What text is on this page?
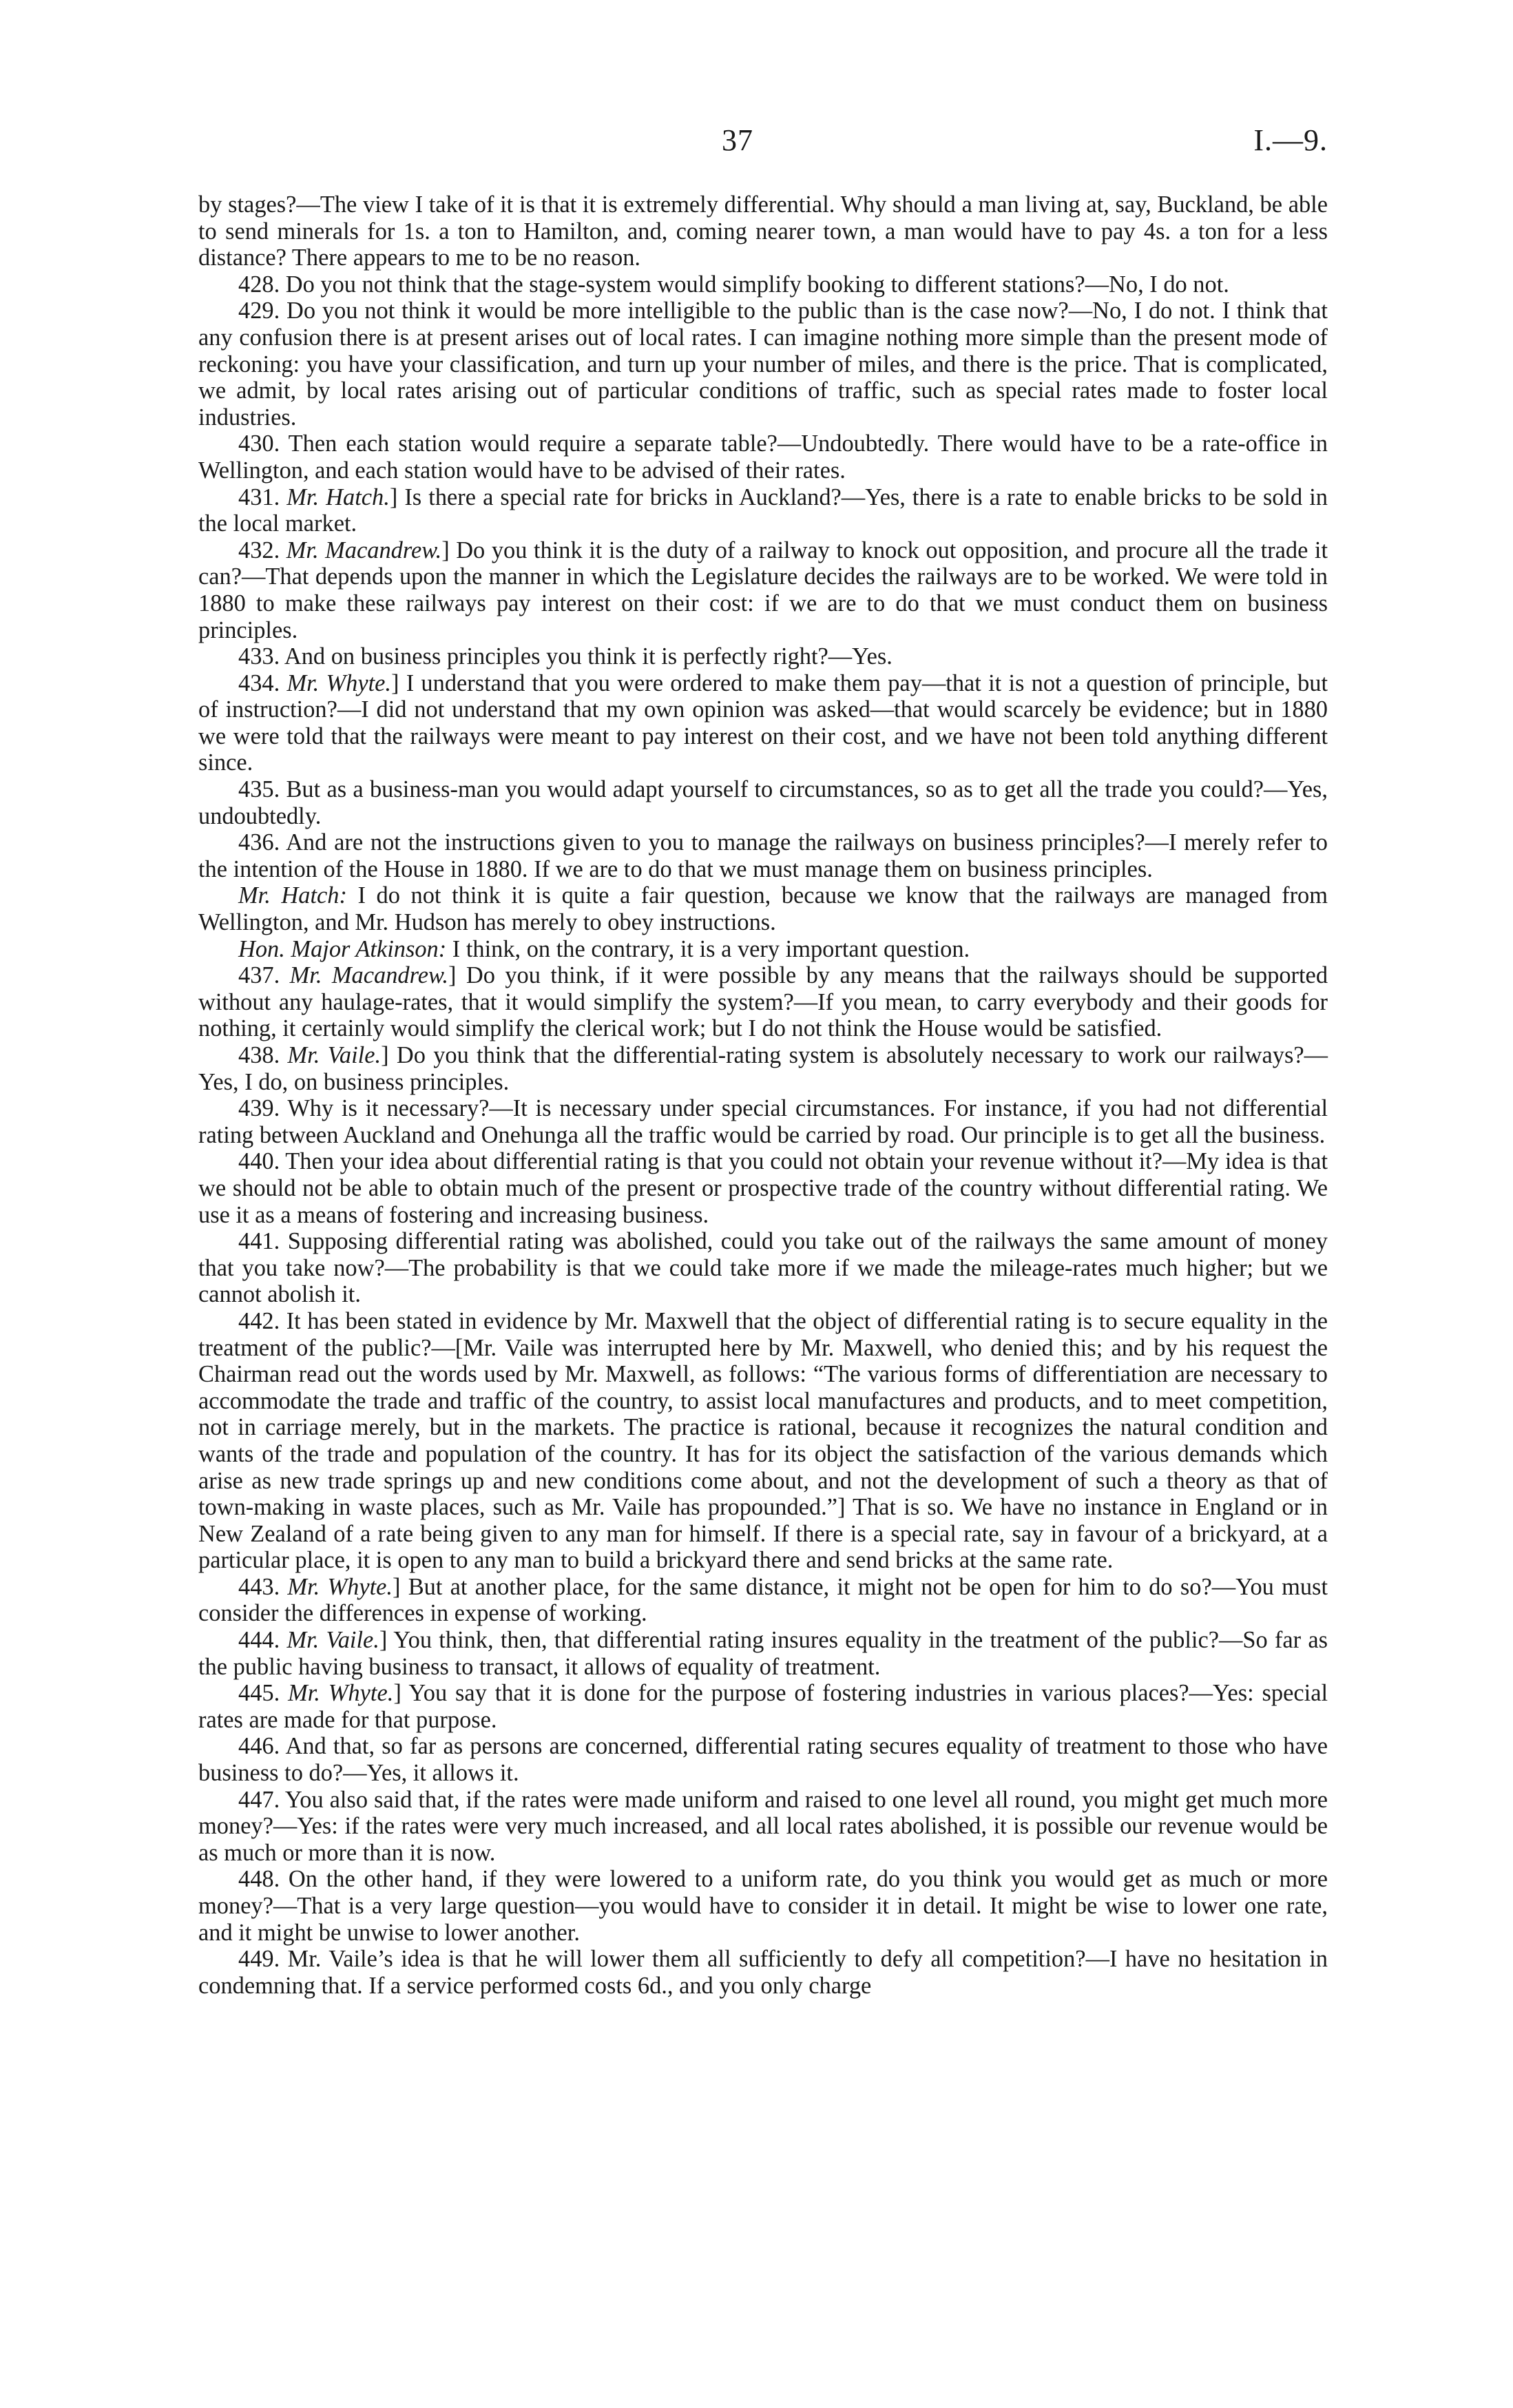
37	I.—9.

by stages?—The view I take of it is that it is extremely differential. Why should a man living at, say, Buckland, be able to send minerals for 1s. a ton to Hamilton, and, coming nearer town, a man would have to pay 4s. a ton for a less distance? There appears to me to be no reason.

428. Do you not think that the stage-system would simplify booking to different stations?—No, I do not.

429. Do you not think it would be more intelligible to the public than is the case now?—No, I do not. I think that any confusion there is at present arises out of local rates. I can imagine nothing more simple than the present mode of reckoning: you have your classification, and turn up your number of miles, and there is the price. That is complicated, we admit, by local rates arising out of particular conditions of traffic, such as special rates made to foster local industries.

430. Then each station would require a separate table?—Undoubtedly. There would have to be a rate-office in Wellington, and each station would have to be advised of their rates.

431. Mr. Hatch.] Is there a special rate for bricks in Auckland?—Yes, there is a rate to enable bricks to be sold in the local market.

432. Mr. Macandrew.] Do you think it is the duty of a railway to knock out opposition, and procure all the trade it can?—That depends upon the manner in which the Legislature decides the railways are to be worked. We were told in 1880 to make these railways pay interest on their cost: if we are to do that we must conduct them on business principles.

433. And on business principles you think it is perfectly right?—Yes.

434. Mr. Whyte.] I understand that you were ordered to make them pay—that it is not a question of principle, but of instruction?—I did not understand that my own opinion was asked—that would scarcely be evidence; but in 1880 we were told that the railways were meant to pay interest on their cost, and we have not been told anything different since.

435. But as a business-man you would adapt yourself to circumstances, so as to get all the trade you could?—Yes, undoubtedly.

436. And are not the instructions given to you to manage the railways on business principles?—I merely refer to the intention of the House in 1880. If we are to do that we must manage them on business principles.

Mr. Hatch: I do not think it is quite a fair question, because we know that the railways are managed from Wellington, and Mr. Hudson has merely to obey instructions.

Hon. Major Atkinson: I think, on the contrary, it is a very important question.

437. Mr. Macandrew.] Do you think, if it were possible by any means that the railways should be supported without any haulage-rates, that it would simplify the system?—If you mean, to carry everybody and their goods for nothing, it certainly would simplify the clerical work; but I do not think the House would be satisfied.

438. Mr. Vaile.] Do you think that the differential-rating system is absolutely necessary to work our railways?—Yes, I do, on business principles.

439. Why is it necessary?—It is necessary under special circumstances. For instance, if you had not differential rating between Auckland and Onehunga all the traffic would be carried by road. Our principle is to get all the business.

440. Then your idea about differential rating is that you could not obtain your revenue without it?—My idea is that we should not be able to obtain much of the present or prospective trade of the country without differential rating. We use it as a means of fostering and increasing business.

441. Supposing differential rating was abolished, could you take out of the railways the same amount of money that you take now?—The probability is that we could take more if we made the mileage-rates much higher; but we cannot abolish it.

442. It has been stated in evidence by Mr. Maxwell that the object of differential rating is to secure equality in the treatment of the public?—[Mr. Vaile was interrupted here by Mr. Maxwell, who denied this; and by his request the Chairman read out the words used by Mr. Maxwell, as follows: “The various forms of differentiation are necessary to accommodate the trade and traffic of the country, to assist local manufactures and products, and to meet competition, not in carriage merely, but in the markets. The practice is rational, because it recognizes the natural condition and wants of the trade and population of the country. It has for its object the satisfaction of the various demands which arise as new trade springs up and new conditions come about, and not the development of such a theory as that of town-making in waste places, such as Mr. Vaile has propounded.”] That is so. We have no instance in England or in New Zealand of a rate being given to any man for himself. If there is a special rate, say in favour of a brickyard, at a particular place, it is open to any man to build a brickyard there and send bricks at the same rate.

443. Mr. Whyte.] But at another place, for the same distance, it might not be open for him to do so?—You must consider the differences in expense of working.

444. Mr. Vaile.] You think, then, that differential rating insures equality in the treatment of the public?—So far as the public having business to transact, it allows of equality of treatment.

445. Mr. Whyte.] You say that it is done for the purpose of fostering industries in various places?—Yes: special rates are made for that purpose.

446. And that, so far as persons are concerned, differential rating secures equality of treatment to those who have business to do?—Yes, it allows it.

447. You also said that, if the rates were made uniform and raised to one level all round, you might get much more money?—Yes: if the rates were very much increased, and all local rates abolished, it is possible our revenue would be as much or more than it is now.

448. On the other hand, if they were lowered to a uniform rate, do you think you would get as much or more money?—That is a very large question—you would have to consider it in detail. It might be wise to lower one rate, and it might be unwise to lower another.

449. Mr. Vaile’s idea is that he will lower them all sufficiently to defy all competition?—I have no hesitation in condemning that. If a service performed costs 6d., and you only charge
